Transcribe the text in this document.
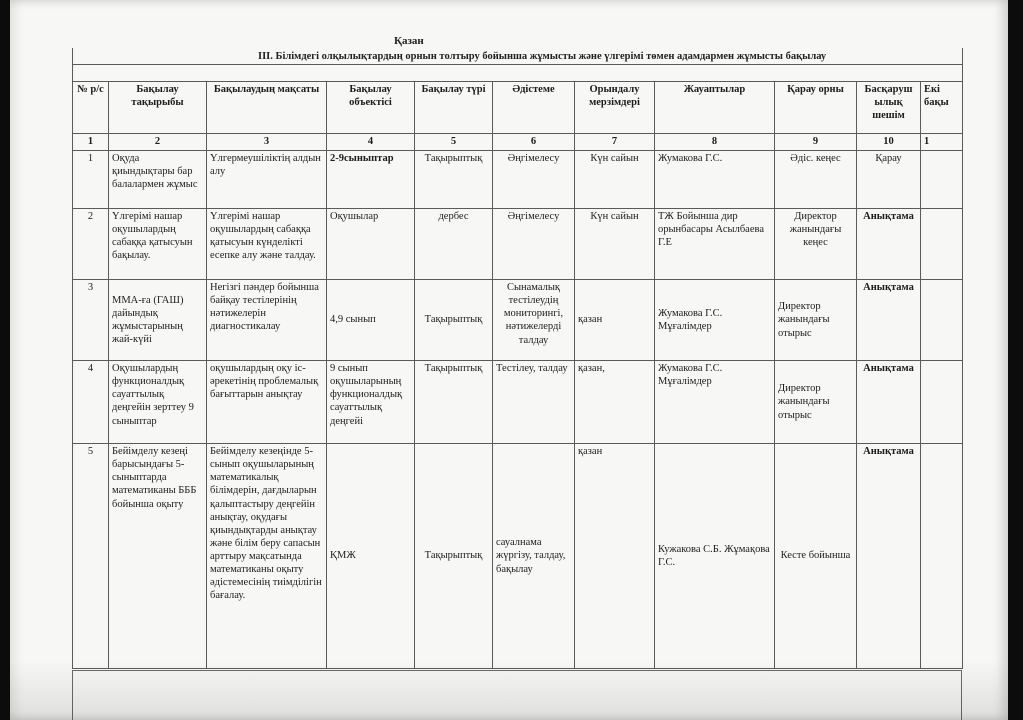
№ р/с	Бақылау тақырыбы	Бақылаудың мақсаты	Бақылау объектісі	Бақылау түрі	Әдістеме	Орындалу мерзімдері	Жауаптылар	Қарау орны	Басқаруш ылық шешім	Екі бақы
1	2	3	4	5	6	7	8	9	10	1
1	Оқуда қиындықтары бар балалармен жұмыс	Үлгермеушіліктің алдын алу	2-9сыныптар	Тақырыптық	Әңгімелесу	Күн сайын	Жумакова Г.С.	Әдіс. кеңес	Қарау	
2	Үлгерімі нашар оқушылардың сабаққа қатысуын бақылау.	Үлгерімі нашар оқушылардың сабаққа қатысуын күнделікті есепке алу және талдау.	Оқушылар	дербес	Әңгімелесу	Күн сайын	ТЖ Бойынша дир орынбасары Асылбаева Г.Е	Директор жанындағы кеңес	Анықтама	
3	ММА-ға (ГАШ) дайындық жұмыстарының жай-күйі	Негізгі пәндер бойынша байқау тестілерінің нәтижелерін диагностикалау	4,9 сынып	Тақырыптық	Сынамалық тестілеудің мониторингі, нәтижелерді талдау	қазан	Жумакова Г.С. Мұғалімдер	Директор жанындағы отырыс	Анықтама	
4	Оқушылардың функционалдық сауаттылық деңгейін зерттеу 9 сыныптар	оқушылардың оқу іс-әрекетінің проблемалық бағыттарын анықтау	9 сынып оқушыларының функционалдық сауаттылық деңгейі	Тақырыптық	Тестілеу, талдау	қазан,	Жумакова Г.С. Мұғалімдер	Директор жанындағы отырыс	Анықтама	
5	Бейімделу кезеңі барысындағы 5-сыныптарда математиканы БББ бойынша оқыту	Бейімделу кезеңінде 5-сынып оқушыларының математикалық білімдерін, дағдыларын қалыптастыру деңгейін анықтау, оқудағы қиындықтарды анықтау және білім беру сапасын арттыру мақсатында математиканы оқыту әдістемесінің тиімділігін бағалау.	ҚМЖ	Тақырыптық	сауалнама жүргізу, талдау, бақылау	қазан	Кужакова С.Б. Жұмақова Г.С.	Кесте бойынша	Анықтама	
Қазан
ІІІ. Білімдегі олқылықтардың орнын толтыру бойынша жұмысты және үлгерімі төмен адамдармен жұмысты бақылау
